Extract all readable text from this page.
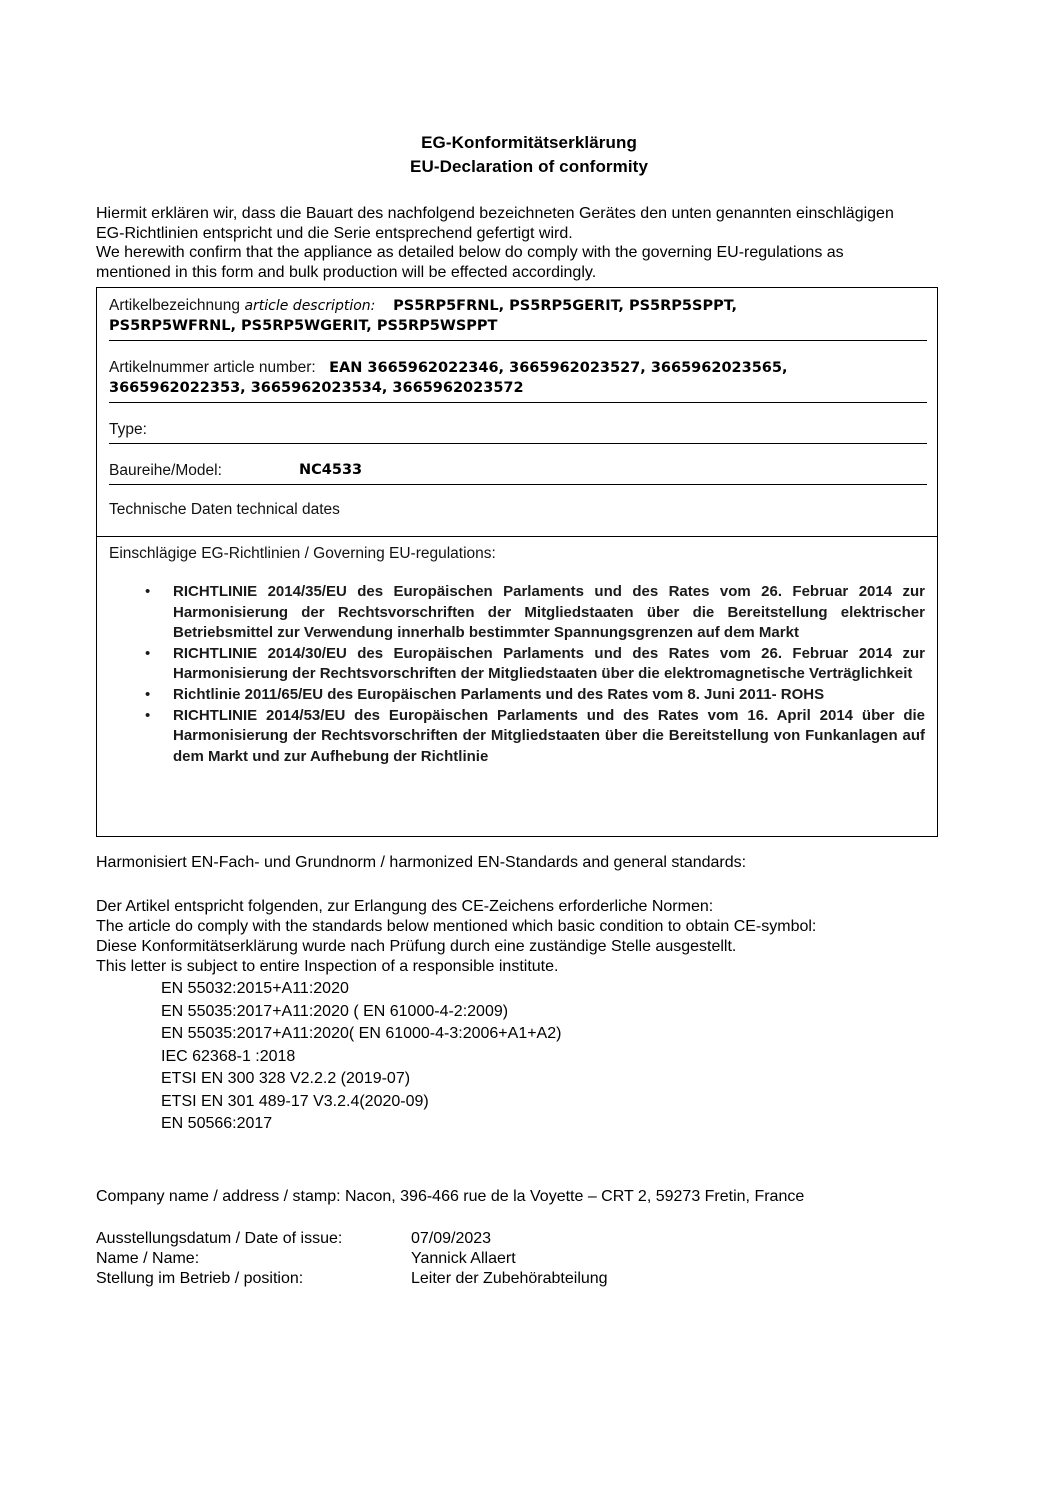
EG-Konformitätserklärung
EU-Declaration of conformity
Hiermit erklären wir, dass die Bauart des nachfolgend bezeichneten Gerätes den unten genannten einschlägigen
EG-Richtlinien entspricht und die Serie entsprechend gefertigt wird.
We herewith confirm that the appliance as detailed below do comply with the governing EU-regulations as
mentioned in this form and bulk production will be effected accordingly.
Artikelbezeichnung article description: PS5RP5FRNL, PS5RP5GERIT, PS5RP5SPPT,
PS5RP5WFRNL, PS5RP5WGERIT, PS5RP5WSPPT
Artikelnummer article number: EAN 3665962022346, 3665962023527, 3665962023565,
3665962022353, 3665962023534, 3665962023572
Type:
Baureihe/Model:	NC4533
Technische Daten technical dates
Einschlägige EG-Richtlinien / Governing EU-regulations:
• RICHTLINIE 2014/35/EU des Europäischen Parlaments und des Rates vom 26. Februar 2014 zur Harmonisierung der Rechtsvorschriften der Mitgliedstaaten über die Bereitstellung elektrischer Betriebsmittel zur Verwendung innerhalb bestimmter Spannungsgrenzen auf dem Markt
• RICHTLINIE 2014/30/EU des Europäischen Parlaments und des Rates vom 26. Februar 2014 zur Harmonisierung der Rechtsvorschriften der Mitgliedstaaten über die elektromagnetische Verträglichkeit
• Richtlinie 2011/65/EU des Europäischen Parlaments und des Rates vom 8. Juni 2011- ROHS
• RICHTLINIE 2014/53/EU des Europäischen Parlaments und des Rates vom 16. April 2014 über die Harmonisierung der Rechtsvorschriften der Mitgliedstaaten über die Bereitstellung von Funkanlagen auf dem Markt und zur Aufhebung der Richtlinie
Harmonisiert EN-Fach- und Grundnorm / harmonized EN-Standards and general standards:
Der Artikel entspricht folgenden, zur Erlangung des CE-Zeichens erforderliche Normen:
The article do comply with the standards below mentioned which basic condition to obtain CE-symbol:
Diese Konformitätserklärung wurde nach Prüfung durch eine zuständige Stelle ausgestellt.
This letter is subject to entire Inspection of a responsible institute.
EN 55032:2015+A11:2020
EN 55035:2017+A11:2020 ( EN 61000-4-2:2009)
EN 55035:2017+A11:2020( EN 61000-4-3:2006+A1+A2)
IEC 62368-1 :2018
ETSI EN 300 328 V2.2.2 (2019-07)
ETSI EN 301 489-17 V3.2.4(2020-09)
EN 50566:2017
Company name / address / stamp: Nacon, 396-466 rue de la Voyette – CRT 2, 59273 Fretin, France
Ausstellungsdatum / Date of issue:	07/09/2023
Name / Name:	Yannick Allaert
Stellung im Betrieb / position:	Leiter der Zubehörabteilung
